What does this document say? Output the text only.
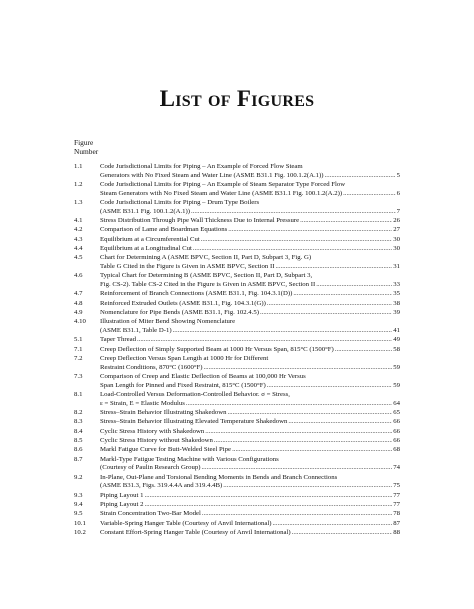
List of Figures
Figure
Number
1.1	Code Jurisdictional Limits for Piping – An Example of Forced Flow Steam
Generators with No Fixed Steam and Water Line (ASME B31.1 Fig. 100.1.2(A.1)) .....	5
1.2	Code Jurisdictional Limits for Piping – An Example of Steam Separator Type Forced Flow
Steam Generators with No Fixed Steam and Water Line (ASME B31.1 Fig. 100.1.2(A.2)) .....	6
1.3	Code Jurisdictional Limits for Piping – Drum Type Boilers
(ASME B31.1 Fig. 100.1.2(A.1)) .....	7
4.1	Stress Distribution Through Pipe Wall Thickness Due to Internal Pressure .....	26
4.2	Comparison of Lame and Boardman Equations .....	27
4.3	Equilibrium at a Circumferential Cut .....	30
4.4	Equilibrium at a Longitudinal Cut .....	30
4.5	Chart for Determining A (ASME BPVC, Section II, Part D, Subpart 3, Fig. G)
Table G Cited in the Figure is Given in ASME BPVC, Section II .....	31
4.6	Typical Chart for Determining B (ASME BPVC, Section II, Part D, Subpart 3,
Fig. CS-2). Table CS-2 Cited in the Figure is Given in ASME BPVC, Section II .....	33
4.7	Reinforcement of Branch Connections (ASME B31.1, Fig. 104.3.1(D)) .....	35
4.8	Reinforced Extruded Outlets (ASME B31.1, Fig. 104.3.1(G)) .....	38
4.9	Nomenclature for Pipe Bends (ASME B31.1, Fig. 102.4.5) .....	39
4.10	Illustration of Miter Bend Showing Nomenclature
(ASME B31.1, Table D-1) .....	41
5.1	Taper Thread .....	49
7.1	Creep Deflection of Simply Supported Beam at 1000 Hr Versus Span, 815°C (1500°F) .....	58
7.2	Creep Deflection Versus Span Length at 1000 Hr for Different
Restraint Conditions, 870°C (1600°F) .....	59
7.3	Comparison of Creep and Elastic Deflection of Beams at 100,000 Hr Versus
Span Length for Pinned and Fixed Restraint, 815°C (1500°F) .....	59
8.1	Load-Controlled Versus Deformation-Controlled Behavior. σ = Stress,
ε = Strain, E = Elastic Modulus .....	64
8.2	Stress–Strain Behavior Illustrating Shakedown .....	65
8.3	Stress–Strain Behavior Illustrating Elevated Temperature Shakedown .....	66
8.4	Cyclic Stress History with Shakedown .....	66
8.5	Cyclic Stress History without Shakedown .....	66
8.6	Markl Fatigue Curve for Butt-Welded Steel Pipe .....	68
8.7	Markl-Type Fatigue Testing Machine with Various Configurations
(Courtesy of Paulin Research Group) .....	74
9.2	In-Plane, Out-Plane and Torsional Bending Moments in Bends and Branch Connections
(ASME B31.3, Figs. 319.4.4A and 319.4.4B) .....	75
9.3	Piping Layout 1 .....	77
9.4	Piping Layout 2 .....	77
9.5	Strain Concentration Two-Bar Model .....	78
10.1	Variable-Spring Hanger Table (Courtesy of Anvil International) .....	87
10.2	Constant Effort-Spring Hanger Table (Courtesy of Anvil International) .....	88
